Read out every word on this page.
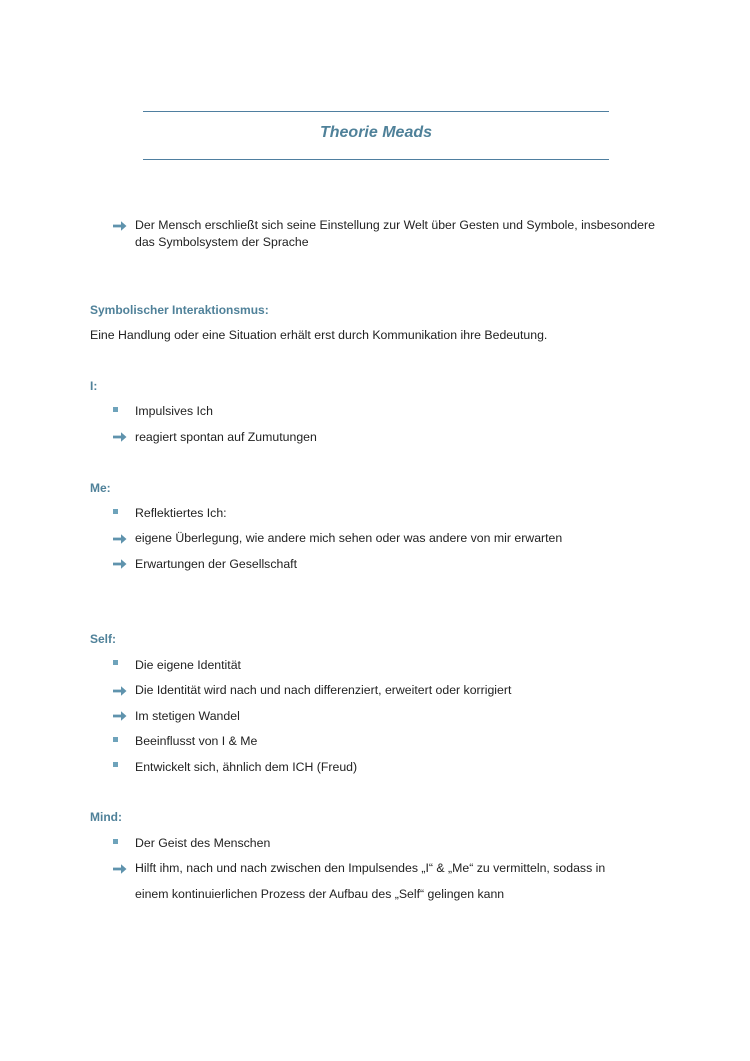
Theorie Meads
Der Mensch erschließt sich seine Einstellung zur Welt über Gesten und Symbole, insbesondere
das Symbolsystem der Sprache
Symbolischer Interaktionsmus:
Eine Handlung oder eine Situation erhält erst durch Kommunikation ihre Bedeutung.
I:
Impulsives Ich
reagiert spontan auf Zumutungen
Me:
Reflektiertes Ich:
eigene Überlegung, wie andere mich sehen oder was andere von mir erwarten
Erwartungen der Gesellschaft
Self:
Die eigene Identität
Die Identität wird nach und nach differenziert, erweitert oder korrigiert
Im stetigen Wandel
Beeinflusst von I & Me
Entwickelt sich, ähnlich dem ICH (Freud)
Mind:
Der Geist des Menschen
Hilft ihm, nach und nach zwischen den Impulsendes „I“ & „Me“ zu vermitteln, sodass in
einem kontinuierlichen Prozess der Aufbau des „Self“ gelingen kann
